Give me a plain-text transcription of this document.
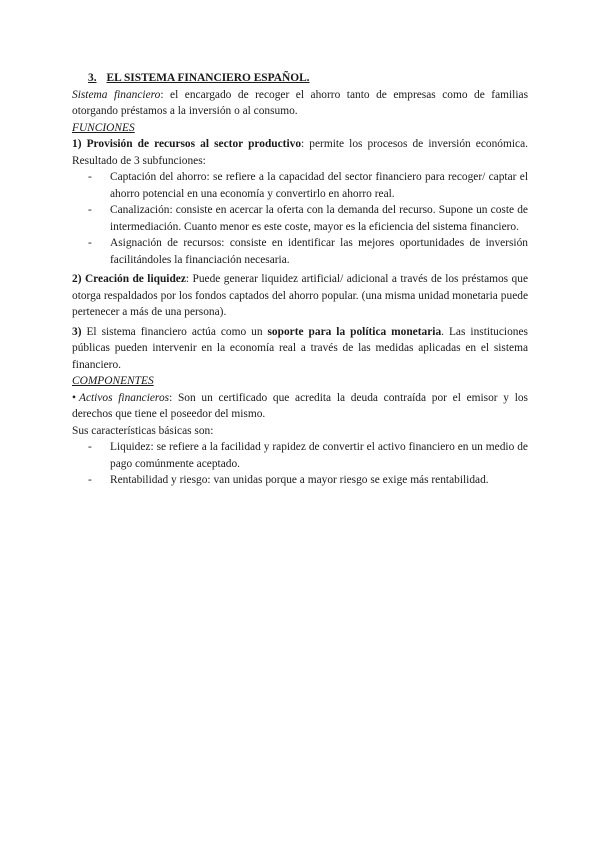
3. EL SISTEMA FINANCIERO ESPAÑOL.

Sistema financiero: el encargado de recoger el ahorro tanto de empresas como de familias otorgando préstamos a la inversión o al consumo.

FUNCIONES

1) Provisión de recursos al sector productivo: permite los procesos de inversión económica. Resultado de 3 subfunciones:

- Captación del ahorro: se refiere a la capacidad del sector financiero para recoger/ captar el ahorro potencial en una economía y convertirlo en ahorro real.
- Canalización: consiste en acercar la oferta con la demanda del recurso. Supone un coste de intermediación. Cuanto menor es este coste, mayor es la eficiencia del sistema financiero.
- Asignación de recursos: consiste en identificar las mejores oportunidades de inversión facilitándoles la financiación necesaria.

2) Creación de liquidez: Puede generar liquidez artificial/ adicional a través de los préstamos que otorga respaldados por los fondos captados del ahorro popular. (una misma unidad monetaria puede pertenecer a más de una persona).

3) El sistema financiero actúa como un soporte para la política monetaria. Las instituciones públicas pueden intervenir en la economía real a través de las medidas aplicadas en el sistema financiero.

COMPONENTES

• Activos financieros: Son un certificado que acredita la deuda contraída por el emisor y los derechos que tiene el poseedor del mismo.

Sus características básicas son:

- Liquidez: se refiere a la facilidad y rapidez de convertir el activo financiero en un medio de pago comúnmente aceptado.
- Rentabilidad y riesgo: van unidas porque a mayor riesgo se exige más rentabilidad.
